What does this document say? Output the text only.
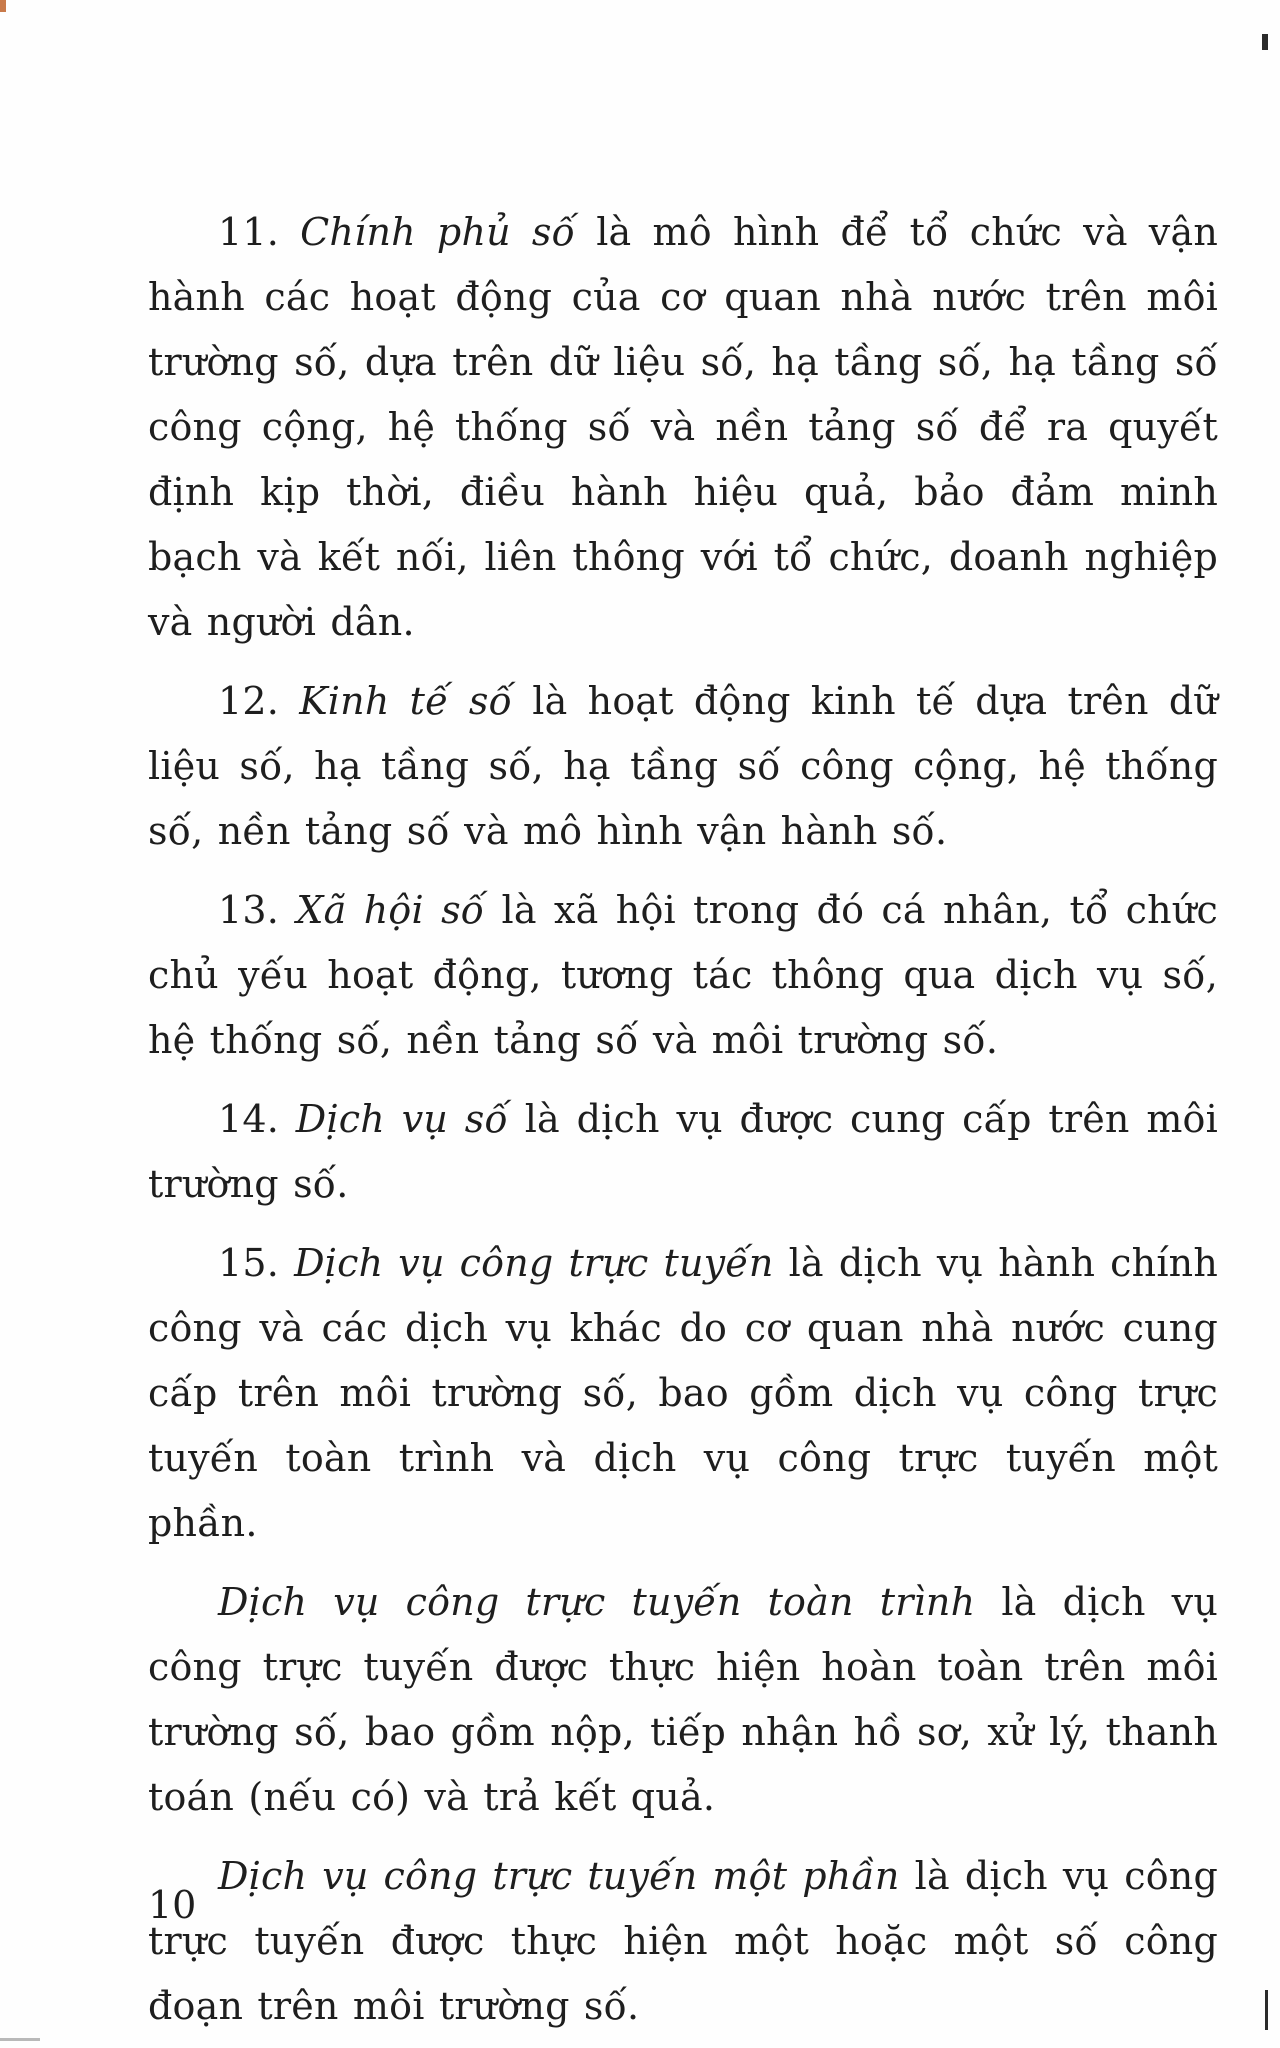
11. Chính phủ số là mô hình để tổ chức và vận hành các hoạt động của cơ quan nhà nước trên môi trường số, dựa trên dữ liệu số, hạ tầng số, hạ tầng số công cộng, hệ thống số và nền tảng số để ra quyết định kịp thời, điều hành hiệu quả, bảo đảm minh bạch và kết nối, liên thông với tổ chức, doanh nghiệp và người dân.

12. Kinh tế số là hoạt động kinh tế dựa trên dữ liệu số, hạ tầng số, hạ tầng số công cộng, hệ thống số, nền tảng số và mô hình vận hành số.

13. Xã hội số là xã hội trong đó cá nhân, tổ chức chủ yếu hoạt động, tương tác thông qua dịch vụ số, hệ thống số, nền tảng số và môi trường số.

14. Dịch vụ số là dịch vụ được cung cấp trên môi trường số.

15. Dịch vụ công trực tuyến là dịch vụ hành chính công và các dịch vụ khác do cơ quan nhà nước cung cấp trên môi trường số, bao gồm dịch vụ công trực tuyến toàn trình và dịch vụ công trực tuyến một phần.

Dịch vụ công trực tuyến toàn trình là dịch vụ công trực tuyến được thực hiện hoàn toàn trên môi trường số, bao gồm nộp, tiếp nhận hồ sơ, xử lý, thanh toán (nếu có) và trả kết quả.

Dịch vụ công trực tuyến một phần là dịch vụ công trực tuyến được thực hiện một hoặc một số công đoạn trên môi trường số.

10
